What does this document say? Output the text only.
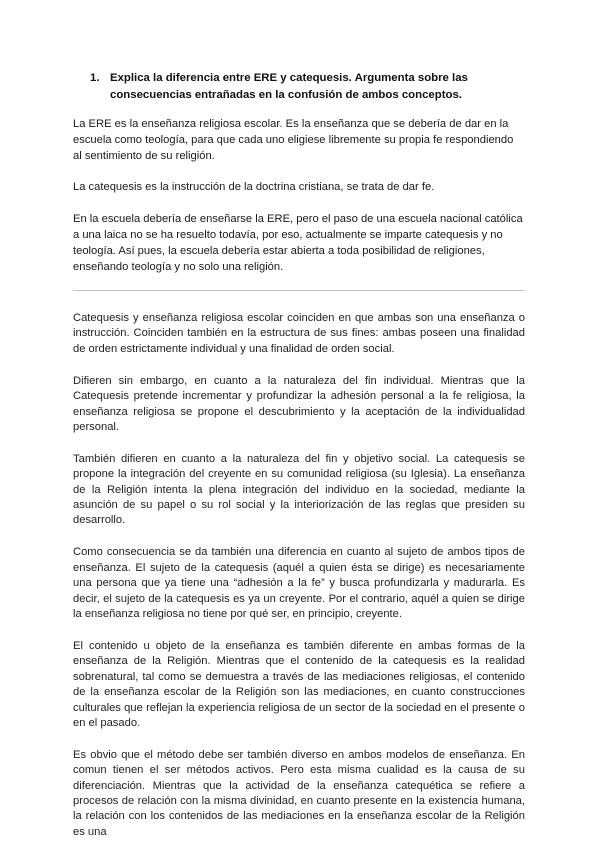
1. Explica la diferencia entre ERE y catequesis. Argumenta sobre las consecuencias entrañadas en la confusión de ambos conceptos.

La ERE es la enseñanza religiosa escolar. Es la enseñanza que se debería de dar en la escuela como teología, para que cada uno eligiese libremente su propia fe respondiendo al sentimiento de su religión.

La catequesis es la instrucción de la doctrina cristiana, se trata de dar fe.

En la escuela debería de enseñarse la ERE, pero el paso de una escuela nacional católica a una laica no se ha resuelto todavía, por eso, actualmente se imparte catequesis y no teología. Así pues, la escuela debería estar abierta a toda posibilidad de religiones, enseñando teología y no solo una religión.

Catequesis y enseñanza religiosa escolar coinciden en que ambas son una enseñanza o instrucción. Coinciden también en la estructura de sus fines: ambas poseen una finalidad de orden estrictamente individual y una finalidad de orden social.

Difieren sin embargo, en cuanto a la naturaleza del fin individual. Mientras que la Catequesis pretende incrementar y profundizar la adhesión personal a la fe religiosa, la enseñanza religiosa se propone el descubrimiento y la aceptación de la individualidad personal.

También difieren en cuanto a la naturaleza del fin y objetivo social. La catequesis se propone la integración del creyente en su comunidad religiosa (su Iglesia). La enseñanza de la Religión intenta la plena integración del individuo en la sociedad, mediante la asunción de su papel o su rol social y la interiorización de las reglas que presiden su desarrollo.

Como consecuencia se da también una diferencia en cuanto al sujeto de ambos tipos de enseñanza. El sujeto de la catequesis (aquél a quien ésta se dirige) es necesariamente una persona que ya tiene una “adhesión a la fe” y busca profundizarla y madurarla. Es decir, el sujeto de la catequesis es ya un creyente. Por el contrario, aquél a quien se dirige la enseñanza religiosa no tiene por qué ser, en principio, creyente.

El contenido u objeto de la enseñanza es también diferente en ambas formas de la enseñanza de la Religión. Mientras que el contenido de la catequesis es la realidad sobrenatural, tal como se demuestra a través de las mediaciones religiosas, el contenido de la enseñanza escolar de la Religión son las mediaciones, en cuanto construcciones culturales que reflejan la experiencia religiosa de un sector de la sociedad en el presente o en el pasado.

Es obvio que el método debe ser también diverso en ambos modelos de enseñanza. En comun tienen el ser métodos activos. Pero esta misma cualidad es la causa de su diferenciación. Mientras que la actividad de la enseñanza catequética se refiere a procesos de relación con la misma divinidad, en cuanto presente en la existencia humana, la relación con los contenidos de las mediaciones en la enseñanza escolar de la Religión es una
